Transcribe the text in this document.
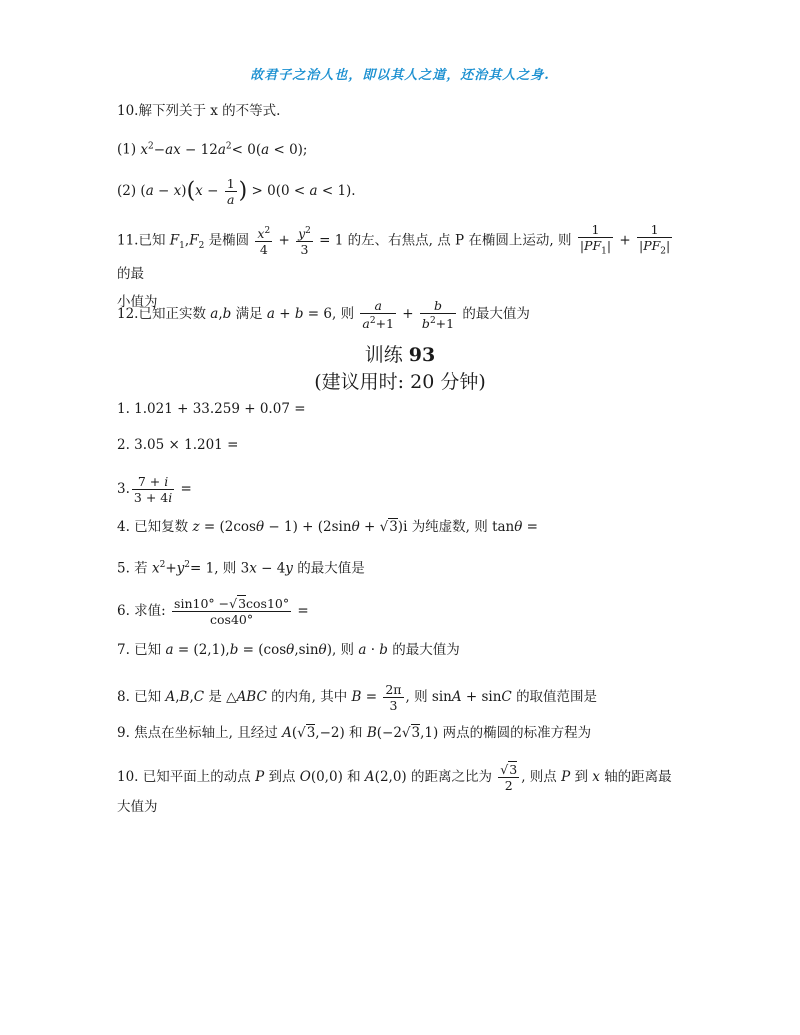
故君子之治人也，即以其人之道，还治其人之身.
10.解下列关于 x 的不等式.
(1) $x^2-ax - 12a^2< 0(a < 0)$;
(2) $(a - x)(x - \frac{1}{a}$ ) > 0(0 < a < 1).
11.已知 $F_1,F_2$ 是椭圆 $\frac{x^2}{4} + \frac{y^2}{3} = 1$ 的左、右焦点, 点 P 在椭圆上运动, 则 $\frac{1}{|PF_1|} + \frac{1}{|PF_2|}$
的最
小值为
12.已知正实数 a,b 满足 a + b = 6, 则 $\frac{a}{a^2+1} + \frac{b}{b^2+1}$ 的最大值为
训练 93
(建议用时: 20 分钟)
1. 1.021 + 33.259 + 0.07 =
2. 3.05 × 1.201 =
3. $\frac{7 + i}{3 + 4i}$ =
4. 已知复数 z = (2cosθ − 1) + (2sinθ + √3)i 为纯虚数, 则 tanθ =
5. 若 $x^2+y^2= 1$, 则 3x − 4y 的最大值是
6. 求值: $\frac{\sin 10^\circ -√3\cos 10^\circ}{\cos 40^\circ}$ =
7. 已知 a = (2,1),b = (cosθ,sinθ), 则 a · b 的最大值为
8. 已知 A,B,C 是 △ABC 的内角, 其中 $B = \frac{2\pi}{3}$ , 则 sinA + sinC 的取值范围是
9. 焦点在坐标轴上, 且经过 A(√3,−2) 和 B(−2√3,1) 两点的椭圆的标准方程为
10. 已知平面上的动点 P 到点 O(0,0) 和 A(2,0) 的距离之比为 $\frac{√3}{2}$ , 则点 P 到 x 轴的距离最
大值为
